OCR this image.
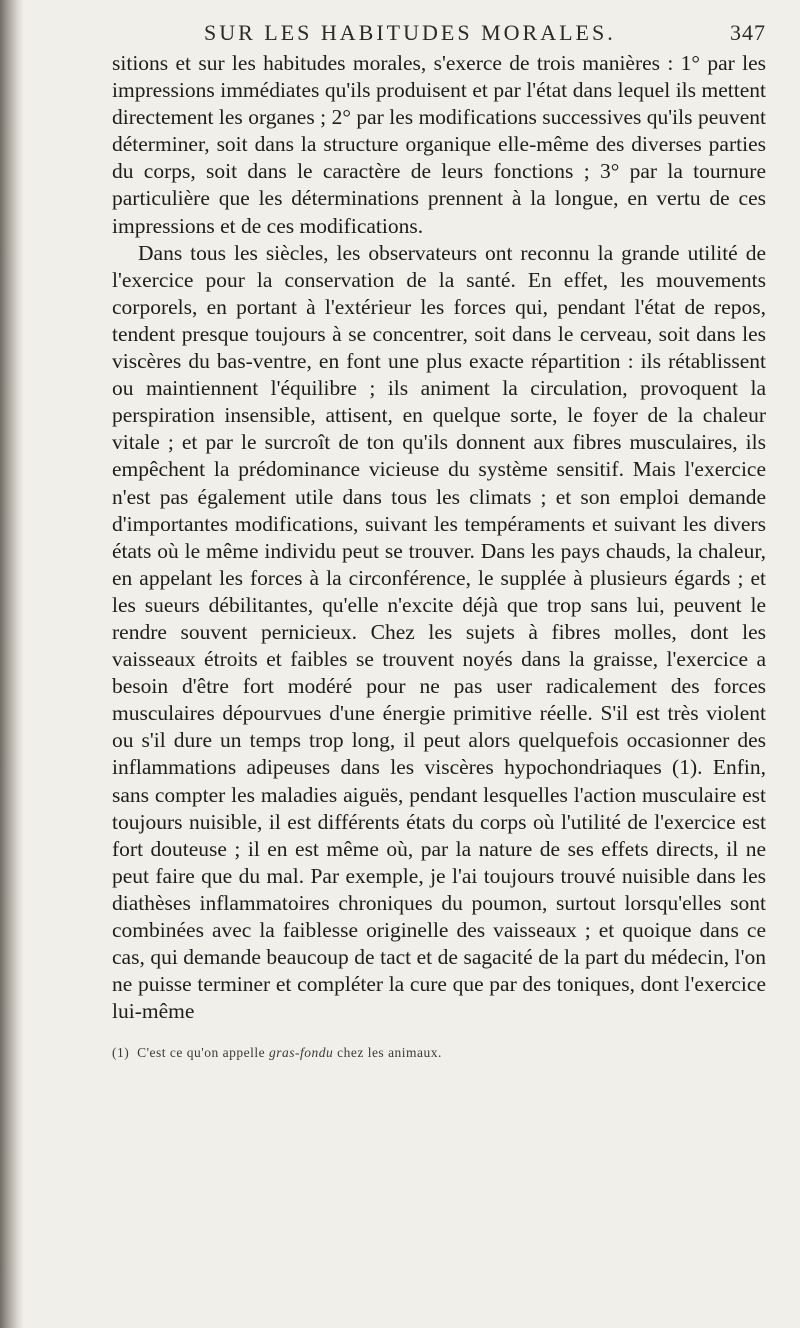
SUR LES HABITUDES MORALES.	347

sitions et sur les habitudes morales, s'exerce de trois manières : 1° par les impressions immédiates qu'ils produisent et par l'état dans lequel ils mettent directement les organes ; 2° par les modifications successives qu'ils peuvent déterminer, soit dans la structure organique elle-même des diverses parties du corps, soit dans le caractère de leurs fonctions ; 3° par la tournure particulière que les déterminations prennent à la longue, en vertu de ces impressions et de ces modifications.

Dans tous les siècles, les observateurs ont reconnu la grande utilité de l'exercice pour la conservation de la santé. En effet, les mouvements corporels, en portant à l'extérieur les forces qui, pendant l'état de repos, tendent presque toujours à se concentrer, soit dans le cerveau, soit dans les viscères du bas-ventre, en font une plus exacte répartition : ils rétablissent ou maintiennent l'équilibre ; ils animent la circulation, provoquent la perspiration insensible, attisent, en quelque sorte, le foyer de la chaleur vitale ; et par le surcroît de ton qu'ils donnent aux fibres musculaires, ils empêchent la prédominance vicieuse du système sensitif. Mais l'exercice n'est pas également utile dans tous les climats ; et son emploi demande d'importantes modifications, suivant les tempéraments et suivant les divers états où le même individu peut se trouver. Dans les pays chauds, la chaleur, en appelant les forces à la circonférence, le supplée à plusieurs égards ; et les sueurs débilitantes, qu'elle n'excite déjà que trop sans lui, peuvent le rendre souvent pernicieux. Chez les sujets à fibres molles, dont les vaisseaux étroits et faibles se trouvent noyés dans la graisse, l'exercice a besoin d'être fort modéré pour ne pas user radicalement des forces musculaires dépourvues d'une énergie primitive réelle. S'il est très violent ou s'il dure un temps trop long, il peut alors quelquefois occasionner des inflammations adipeuses dans les viscères hypochondriaques (1). Enfin, sans compter les maladies aiguës, pendant lesquelles l'action musculaire est toujours nuisible, il est différents états du corps où l'utilité de l'exercice est fort douteuse ; il en est même où, par la nature de ses effets directs, il ne peut faire que du mal. Par exemple, je l'ai toujours trouvé nuisible dans les diathèses inflammatoires chroniques du poumon, surtout lorsqu'elles sont combinées avec la faiblesse originelle des vaisseaux ; et quoique dans ce cas, qui demande beaucoup de tact et de sagacité de la part du médecin, l'on ne puisse terminer et compléter la cure que par des toniques, dont l'exercice lui-même

(1) C'est ce qu'on appelle gras-fondu chez les animaux.
